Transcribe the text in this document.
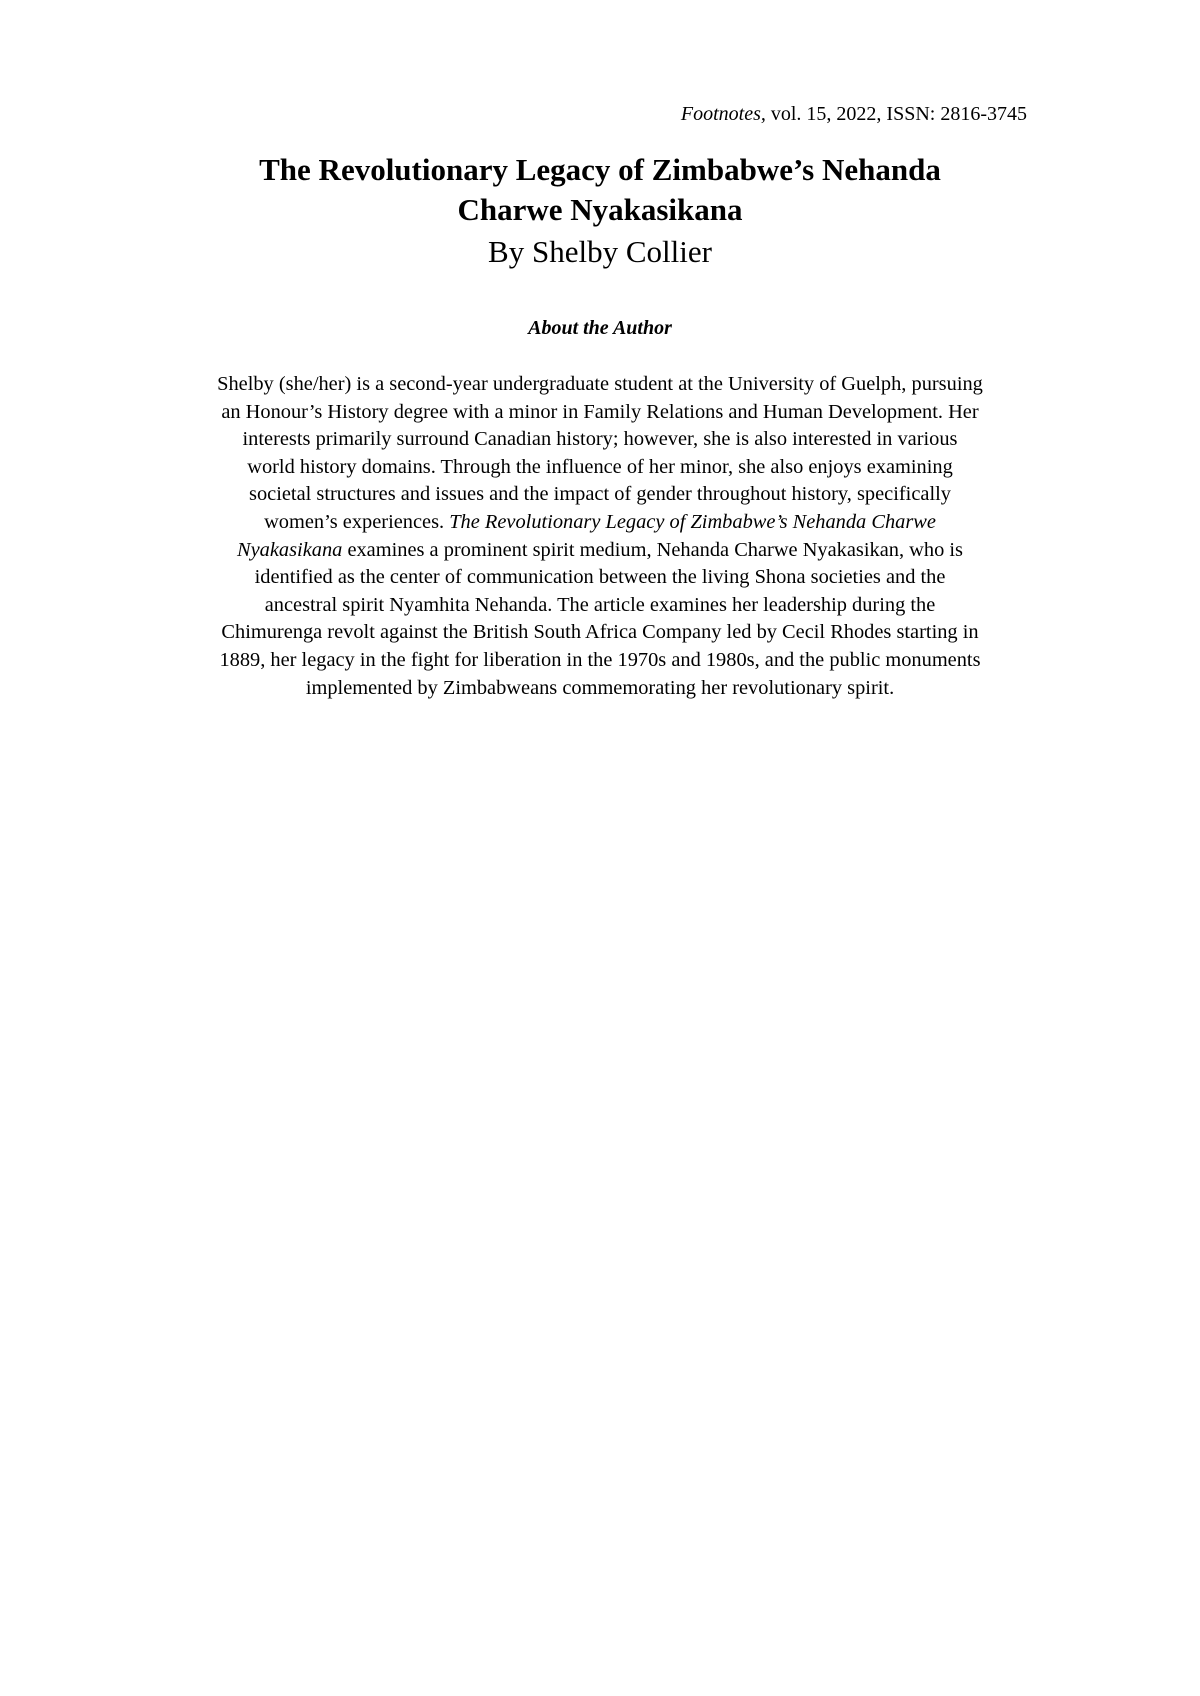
Footnotes, vol. 15, 2022, ISSN: 2816-3745
The Revolutionary Legacy of Zimbabwe’s Nehanda
Charwe Nyakasikana

By Shelby Collier

About the Author

Shelby (she/her) is a second-year undergraduate student at the University of Guelph, pursuing
an Honour’s History degree with a minor in Family Relations and Human Development. Her
interests primarily surround Canadian history; however, she is also interested in various
world history domains. Through the influence of her minor, she also enjoys examining
societal structures and issues and the impact of gender throughout history, specifically
women’s experiences. The Revolutionary Legacy of Zimbabwe’s Nehanda Charwe
Nyakasikana examines a prominent spirit medium, Nehanda Charwe Nyakasikan, who is
identified as the center of communication between the living Shona societies and the
ancestral spirit Nyamhita Nehanda. The article examines her leadership during the
Chimurenga revolt against the British South Africa Company led by Cecil Rhodes starting in
1889, her legacy in the fight for liberation in the 1970s and 1980s, and the public monuments
implemented by Zimbabweans commemorating her revolutionary spirit.
